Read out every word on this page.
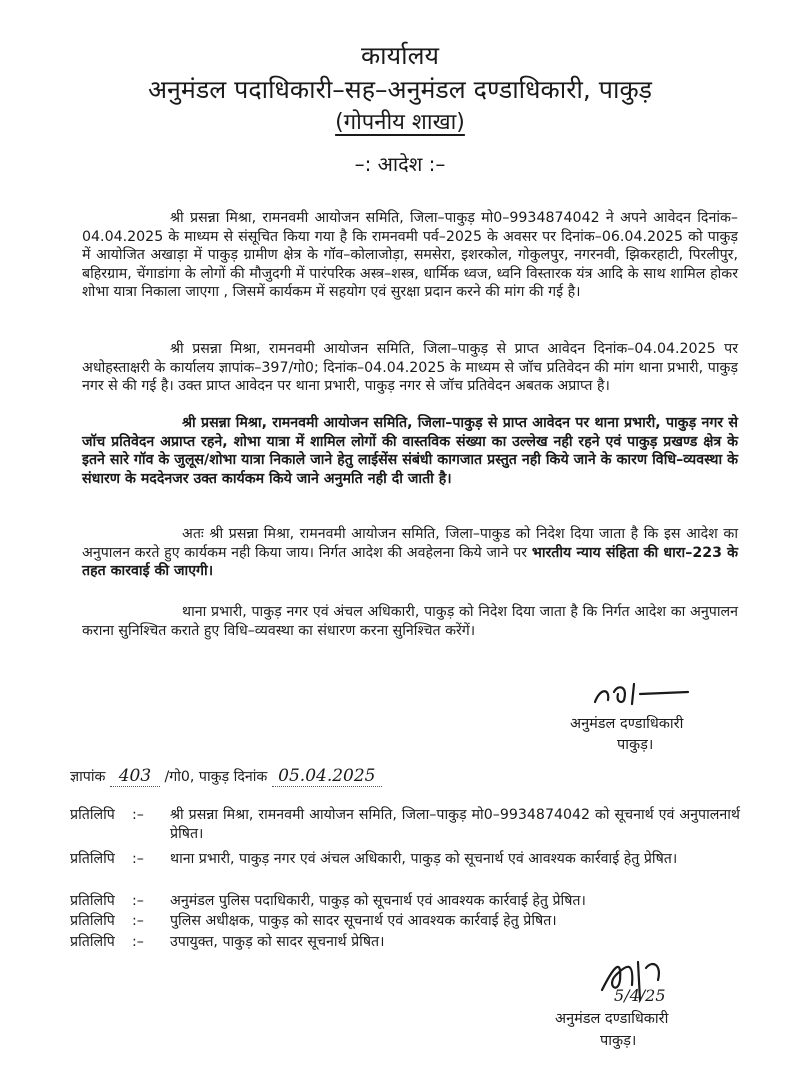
कार्यालय
अनुमंडल पदाधिकारी–सह–अनुमंडल दण्डाधिकारी, पाकुड़
(गोपनीय शाखा)
–: आदेश :–

श्री प्रसन्ना मिश्रा, रामनवमी आयोजन समिति, जिला–पाकुड़ मो0–9934874042 ने अपने आवेदन दिनांक–04.04.2025 के माध्यम से संसूचित किया गया है कि रामनवमी पर्व–2025 के अवसर पर दिनांक–06.04.2025 को पाकुड़ में आयोजित अखाड़ा में पाकुड़ ग्रामीण क्षेत्र के गॉव–कोलाजोड़ा, समसेरा, इशरकोल, गोकुलपुर, नगरनवी, झिकरहाटी, पिरलीपुर, बहिरग्राम, चेंगाडांगा के लोगों की मौजुदगी में पारंपरिक अस्त्र–शस्त्र, धार्मिक ध्वज, ध्वनि विस्तारक यंत्र आदि के साथ शामिल होकर शोभा यात्रा निकाला जाएगा , जिसमें कार्यकम में सहयोग एवं सुरक्षा प्रदान करने की मांग की गई है।

श्री प्रसन्ना मिश्रा, रामनवमी आयोजन समिति, जिला–पाकुड़ से प्राप्त आवेदन दिनांक–04.04.2025 पर अधोहस्ताक्षरी के कार्यालय ज्ञापांक–397/गो0; दिनांक–04.04.2025 के माध्यम से जॉच प्रतिवेदन की मांग थाना प्रभारी, पाकुड़ नगर से की गई है। उक्त प्राप्त आवेदन पर थाना प्रभारी, पाकुड़ नगर से जॉच प्रतिवेदन अबतक अप्राप्त है।

श्री प्रसन्ना मिश्रा, रामनवमी आयोजन समिति, जिला–पाकुड़ से प्राप्त आवेदन पर थाना प्रभारी, पाकुड़ नगर से जॉच प्रतिवेदन अप्राप्त रहने, शोभा यात्रा में शामिल लोगों की वास्तविक संख्या का उल्लेख नही रहने एवं पाकुड़ प्रखण्ड क्षेत्र के इतने सारे गॉव के जुलूस/शोभा यात्रा निकाले जाने हेतु लाईसेंस संबंधी कागजात प्रस्तुत नही किये जाने के कारण विधि–व्यवस्था के संधारण के मददेनजर उक्त कार्यकम किये जाने अनुमति नही दी जाती है।

अतः श्री प्रसन्ना मिश्रा, रामनवमी आयोजन समिति, जिला–पाकुड को निदेश दिया जाता है कि इस आदेश का अनुपालन करते हुए कार्यकम नही किया जाय। निर्गत आदेश की अवहेलना किये जाने पर भारतीय न्याय संहिता की धारा–223 के तहत कारवाई की जाएगी।

थाना प्रभारी, पाकुड़ नगर एवं अंचल अधिकारी, पाकुड़ को निदेश दिया जाता है कि निर्गत आदेश का अनुपालन कराना सुनिश्चित कराते हुए विधि–व्यवस्था का संधारण करना सुनिश्चित करेंगें।

अनुमंडल दण्डाधिकारी
पाकुड़।
ज्ञापांक 403 /गो0, पाकुड़ दिनांक 05.04.2025
प्रतिलिपि	:– श्री प्रसन्ना मिश्रा, रामनवमी आयोजन समिति, जिला–पाकुड़ मो0–9934874042 को सूचनार्थ एवं अनुपालनार्थ प्रेषित।
प्रतिलिपि	:– थाना प्रभारी, पाकुड़ नगर एवं अंचल अधिकारी, पाकुड़ को सूचनार्थ एवं आवश्यक कार्रवाई हेतु प्रेषित।
प्रतिलिपि	:– अनुमंडल पुलिस पदाधिकारी, पाकुड़ को सूचनार्थ एवं आवश्यक कार्रवाई हेतु प्रेषित।
प्रतिलिपि	:– पुलिस अधीक्षक, पाकुड़ को सादर सूचनार्थ एवं आवश्यक कार्रवाई हेतु प्रेषित।
प्रतिलिपि	:– उपायुक्त, पाकुड़ को सादर सूचनार्थ प्रेषित।
5/4/25
अनुमंडल दण्डाधिकारी
पाकुड़।
